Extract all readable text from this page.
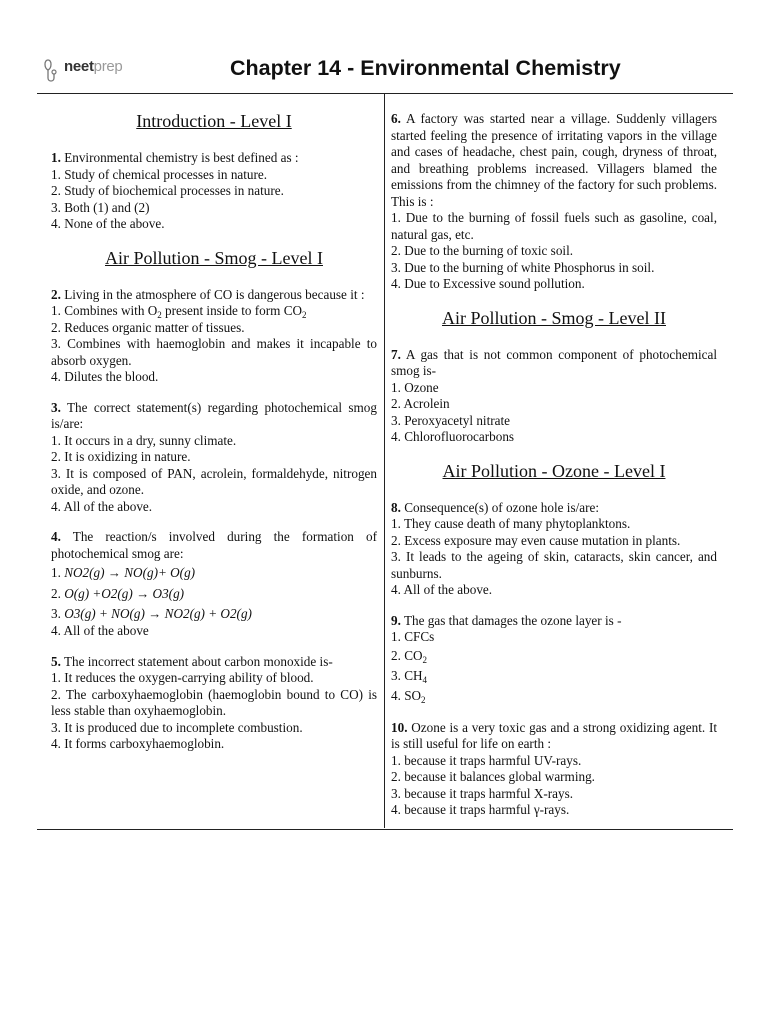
neetprep	Chapter 14 - Environmental Chemistry
Introduction - Level I

1. Environmental chemistry is best defined as :

1. Study of chemical processes in nature.

2. Study of biochemical processes in nature.

3. Both (1) and (2)

4. None of the above.

Air Pollution - Smog - Level I

2. Living in the atmosphere of CO is dangerous because it :

1. Combines with $O_2$ present inside to form $CO_2$

2. Reduces organic matter of tissues.

3. Combines with haemoglobin and makes it incapable to absorb oxygen.

4. Dilutes the blood.

3. The correct statement(s) regarding photochemical smog is/are:

1. It occurs in a dry, sunny climate.

2. It is oxidizing in nature.

3. It is composed of PAN, acrolein, formaldehyde, nitrogen oxide, and ozone.

4. All of the above.

4. The reaction/s involved during the formation of photochemical smog are:

1. NO2(g) → NO(g)+ O(g)

2. O(g) +O2(g) → O3(g)

3. O3(g) + NO(g) → NO2(g) + O2(g)

4. All of the above

5. The incorrect statement about carbon monoxide is-

1. It reduces the oxygen-carrying ability of blood.

2. The carboxyhaemoglobin (haemoglobin bound to CO) is less stable than oxyhaemoglobin.

3. It is produced due to incomplete combustion.

4. It forms carboxyhaemoglobin.

6. A factory was started near a village. Suddenly villagers started feeling the presence of irritating vapors in the village and cases of headache, chest pain, cough, dryness of throat, and breathing problems increased. Villagers blamed the emissions from the chimney of the factory for such problems. This is :

1. Due to the burning of fossil fuels such as gasoline, coal, natural gas, etc.

2. Due to the burning of toxic soil.

3. Due to the burning of white Phosphorus in soil.

4. Due to Excessive sound pollution.

Air Pollution - Smog - Level II

7. A gas that is not common component of photochemical smog is-

1. Ozone

2. Acrolein

3. Peroxyacetyl nitrate

4. Chlorofluorocarbons

Air Pollution - Ozone - Level I

8. Consequence(s) of ozone hole is/are:

1. They cause death of many phytoplanktons.

2. Excess exposure may even cause mutation in plants.

3. It leads to the ageing of skin, cataracts, skin cancer, and sunburns.

4. All of the above.

9. The gas that damages the ozone layer is -

1. CFCs

2. $CO_2$

3. $CH_4$

4. $SO_2$

10. Ozone is a very toxic gas and a strong oxidizing agent. It is still useful for life on earth :

1. because it traps harmful UV-rays.

2. because it balances global warming.

3. because it traps harmful X-rays.

4. because it traps harmful γ-rays.
